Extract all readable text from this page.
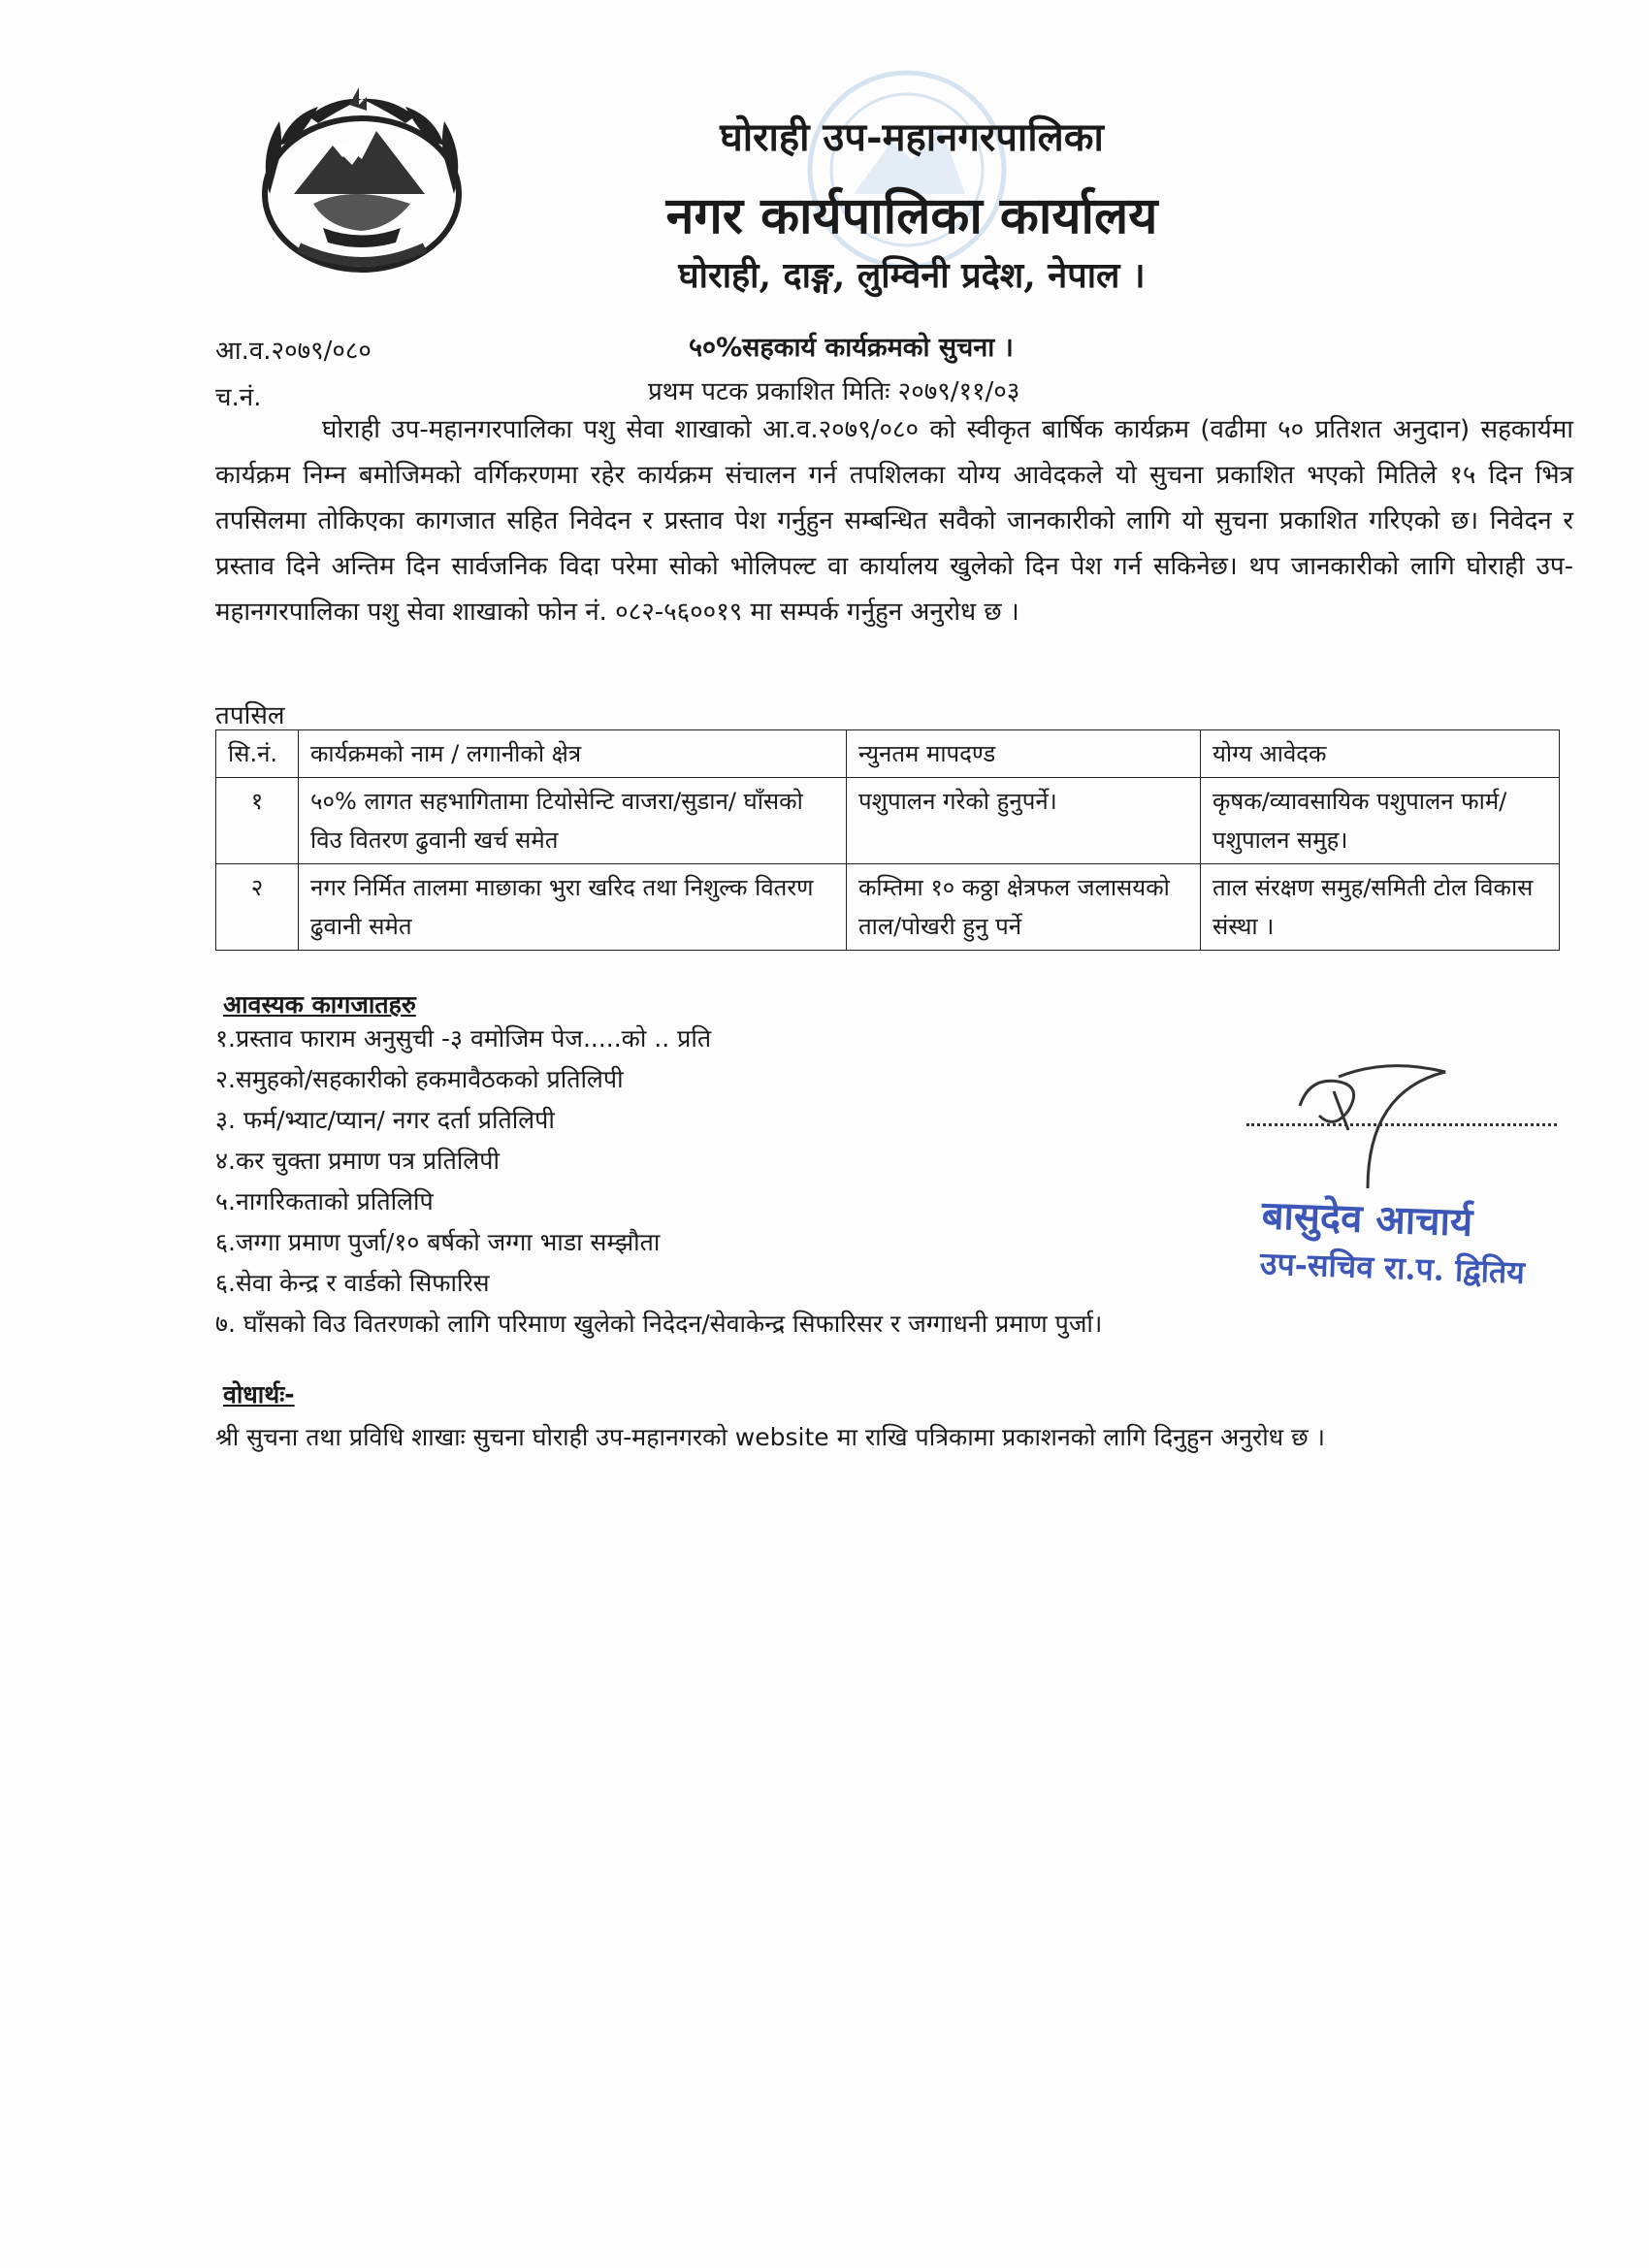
घोराही उप-महानगरपालिका
नगर कार्यपालिका कार्यालय
घोराही, दाङ्ग, लुम्विनी प्रदेश, नेपाल ।
आ.व.२०७९/०८०
च.नं.
५०%सहकार्य कार्यक्रमको सुचना ।
प्रथम पटक प्रकाशित मितिः २०७९/११/०३
घोराही उप-महानगरपालिका पशु सेवा शाखाको आ.व.२०७९/०८० को स्वीकृत बार्षिक कार्यक्रम (वढीमा ५० प्रतिशत अनुदान) सहकार्यमा कार्यक्रम निम्न बमोजिमको वर्गिकरणमा रहेर कार्यक्रम संचालन गर्न तपशिलका योग्य आवेदकले यो सुचना प्रकाशित भएको मितिले १५ दिन भित्र तपसिलमा तोकिएका कागजात सहित निवेदन र प्रस्ताव पेश गर्नुहुन सम्बन्धित सवैको जानकारीको लागि यो सुचना प्रकाशित गरिएको छ। निवेदन र प्रस्ताव दिने अन्तिम दिन सार्वजनिक विदा परेमा सोको भोलिपल्ट वा कार्यालय खुलेको दिन पेश गर्न सकिनेछ। थप जानकारीको लागि घोराही उप-महानगरपालिका पशु सेवा शाखाको फोन नं. ०८२-५६००१९ मा सम्पर्क गर्नुहुन अनुरोध छ ।
तपसिल
सि.नं.	कार्यक्रमको नाम / लगानीको क्षेत्र	न्युनतम मापदण्ड	योग्य आवेदक
१	५०% लागत सहभागितामा टियोसेन्टि वाजरा/सुडान/ घाँसको विउ वितरण ढुवानी खर्च समेत	पशुपालन गरेको हुनुपर्ने।	कृषक/व्यावसायिक पशुपालन फार्म/पशुपालन समुह।
२	नगर निर्मित तालमा माछाका भुरा खरिद तथा निशुल्क वितरण ढुवानी समेत	कम्तिमा १० कठ्ठा क्षेत्रफल जलासयको ताल/पोखरी हुनु पर्ने	ताल संरक्षण समुह/समिती टोल विकास संस्था ।
आवस्यक कागजातहरु
१.प्रस्ताव फाराम अनुसुची -३ वमोजिम पेज.....को .. प्रति
२.समुहको/सहकारीको हकमावैठकको प्रतिलिपी
३. फर्म/भ्याट/प्यान/ नगर दर्ता प्रतिलिपी
४.कर चुक्ता प्रमाण पत्र प्रतिलिपी
५.नागरिकताको प्रतिलिपि
६.जग्गा प्रमाण पुर्जा/१० बर्षको जग्गा भाडा सम्झौता
६.सेवा केन्द्र र वार्डको सिफारिस
७. घाँसको विउ वितरणको लागि परिमाण खुलेको निदेदन/सेवाकेन्द्र सिफारिसर र जग्गाधनी प्रमाण पुर्जा।
बासुदेव आचार्य
उप-सचिव रा.प. द्वितिय
वोधार्थः-
श्री सुचना तथा प्रविधि शाखाः सुचना घोराही उप-महानगरको website मा राखि पत्रिकामा प्रकाशनको लागि दिनुहुन अनुरोध छ ।
